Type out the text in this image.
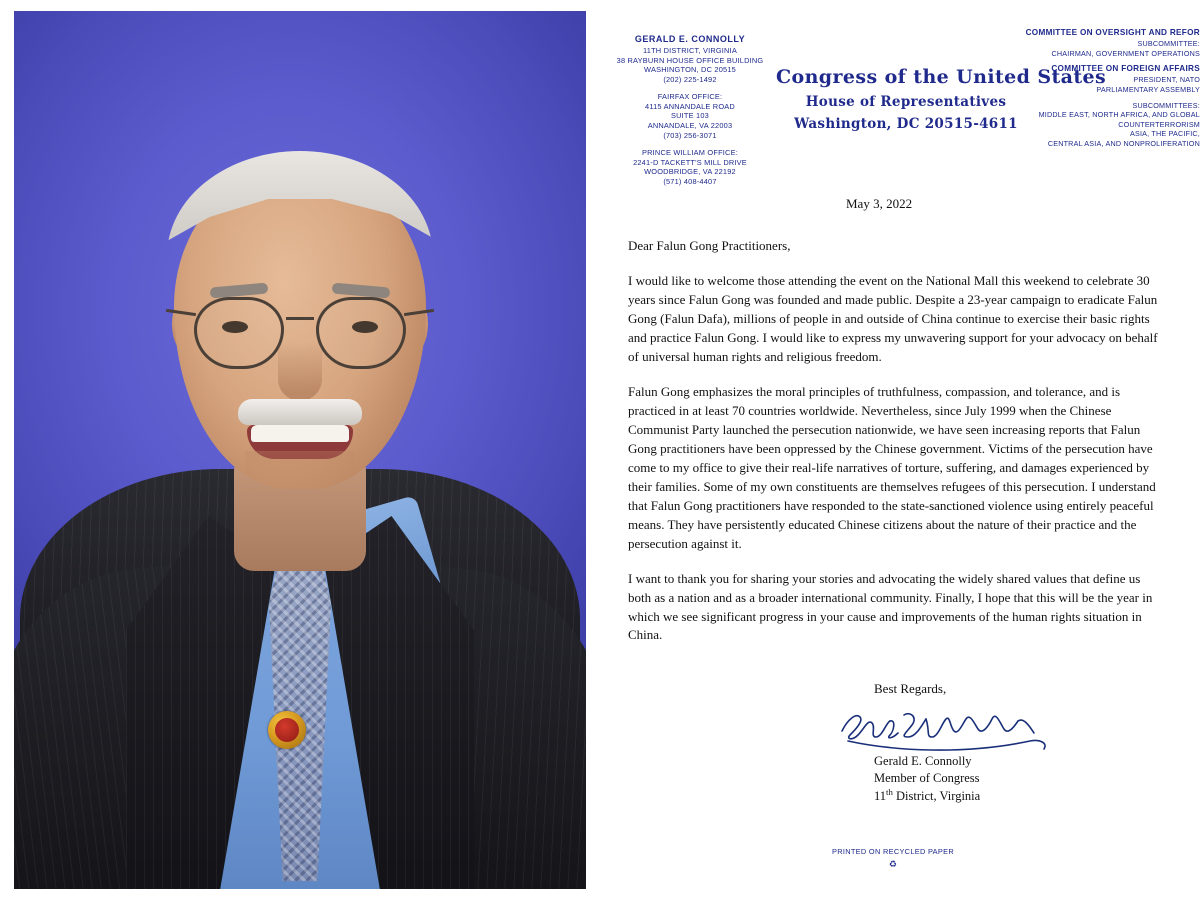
GERALD E. CONNOLLY
11TH DISTRICT, VIRGINIA
38 RAYBURN HOUSE OFFICE BUILDING
WASHINGTON, DC 20515
(202) 225-1492
FAIRFAX OFFICE:
4115 ANNANDALE ROAD
SUITE 103
ANNANDALE, VA 22003
(703) 256-3071
PRINCE WILLIAM OFFICE:
2241-D TACKETT'S MILL DRIVE
WOODBRIDGE, VA 22192
(571) 408-4407
Congress of the United States
House of Representatives
Washington, DC 20515-4611
COMMITTEE ON OVERSIGHT AND REFOR
SUBCOMMITTEE:
CHAIRMAN, GOVERNMENT OPERATIONS
COMMITTEE ON FOREIGN AFFAIRS
PRESIDENT, NATO
PARLIAMENTARY ASSEMBLY
SUBCOMMITTEES:
MIDDLE EAST, NORTH AFRICA, AND GLOBAL
COUNTERTERRORISM
ASIA, THE PACIFIC,
CENTRAL ASIA, AND NONPROLIFERATION
May 3, 2022
Dear Falun Gong Practitioners,

I would like to welcome those attending the event on the National Mall this weekend to celebrate 30 years since Falun Gong was founded and made public. Despite a 23-year campaign to eradicate Falun Gong (Falun Dafa), millions of people in and outside of China continue to exercise their basic rights and practice Falun Gong. I would like to express my unwavering support for your advocacy on behalf of universal human rights and religious freedom.

Falun Gong emphasizes the moral principles of truthfulness, compassion, and tolerance, and is practiced in at least 70 countries worldwide. Nevertheless, since July 1999 when the Chinese Communist Party launched the persecution nationwide, we have seen increasing reports that Falun Gong practitioners have been oppressed by the Chinese government. Victims of the persecution have come to my office to give their real-life narratives of torture, suffering, and damages experienced by their families. Some of my own constituents are themselves refugees of this persecution. I understand that Falun Gong practitioners have responded to the state-sanctioned violence using entirely peaceful means. They have persistently educated Chinese citizens about the nature of their practice and the persecution against it.

I want to thank you for sharing your stories and advocating the widely shared values that define us both as a nation and as a broader international community. Finally, I hope that this will be the year in which we see significant progress in your cause and improvements of the human rights situation in China.

Best Regards,
Gerald E. Connolly
Member of Congress
11th District, Virginia
PRINTED ON RECYCLED PAPER
♻
